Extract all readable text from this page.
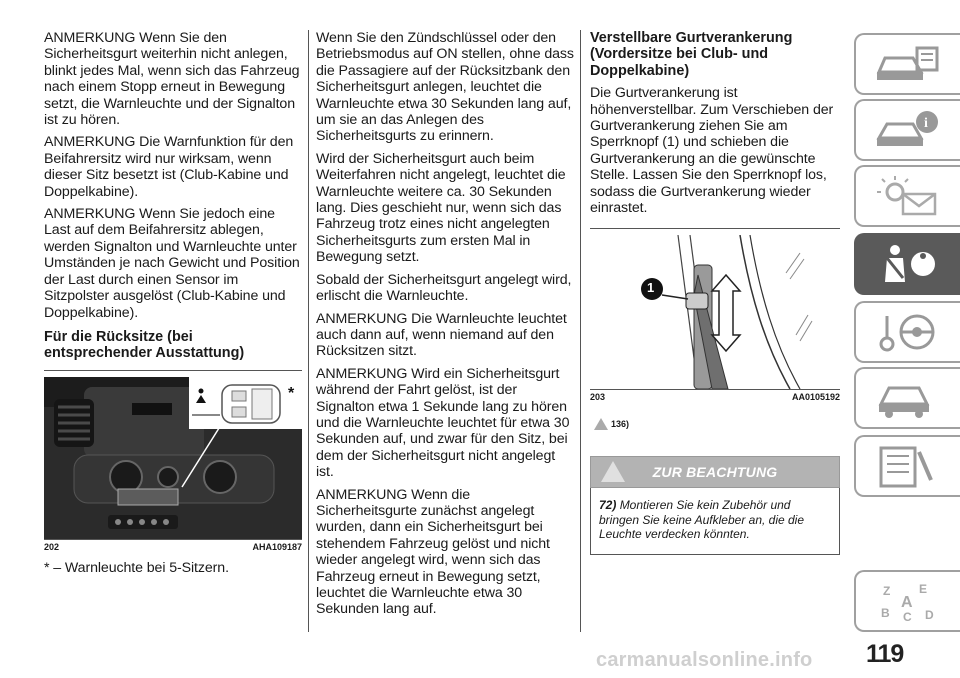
ANMERKUNG Wenn Sie den Sicherheitsgurt weiterhin nicht anlegen, blinkt jedes Mal, wenn sich das Fahrzeug nach einem Stopp erneut in Bewegung setzt, die Warnleuchte und der Signalton ist zu hören.

ANMERKUNG Die Warnfunktion für den Beifahrersitz wird nur wirksam, wenn dieser Sitz besetzt ist (Club-Kabine und Doppelkabine).

ANMERKUNG Wenn Sie jedoch eine Last auf dem Beifahrersitz ablegen, werden Signalton und Warnleuchte unter Umständen je nach Gewicht und Position der Last durch einen Sensor im Sitzpolster ausgelöst (Club-Kabine und Doppelkabine).

Für die Rücksitze (bei entsprechender Ausstattung)
*
202	AHA109187

* – Warnleuchte bei 5-Sitzern.

Wenn Sie den Zündschlüssel oder den Betriebsmodus auf ON stellen, ohne dass die Passagiere auf der Rücksitzbank den Sicherheitsgurt anlegen, leuchtet die Warnleuchte etwa 30 Sekunden lang auf, um sie an das Anlegen des Sicherheitsgurts zu erinnern.

Wird der Sicherheitsgurt auch beim Weiterfahren nicht angelegt, leuchtet die Warnleuchte weitere ca. 30 Sekunden lang. Dies geschieht nur, wenn sich das Fahrzeug trotz eines nicht angelegten Sicherheitsgurts zum ersten Mal in Bewegung setzt.

Sobald der Sicherheitsgurt angelegt wird, erlischt die Warnleuchte.

ANMERKUNG Die Warnleuchte leuchtet auch dann auf, wenn niemand auf den Rücksitzen sitzt.

ANMERKUNG Wird ein Sicherheitsgurt während der Fahrt gelöst, ist der Signalton etwa 1 Sekunde lang zu hören und die Warnleuchte leuchtet für etwa 30 Sekunden auf, und zwar für den Sitz, bei dem der Sicherheitsgurt nicht angelegt ist.

ANMERKUNG Wenn die Sicherheitsgurte zunächst angelegt wurden, dann ein Sicherheitsgurt bei stehendem Fahrzeug gelöst und nicht wieder angelegt wird, wenn sich das Fahrzeug erneut in Bewegung setzt, leuchtet die Warnleuchte etwa 30 Sekunden lang auf.

Verstellbare Gurtverankerung (Vordersitze bei Club- und Doppelkabine)

Die Gurtverankerung ist höhenverstellbar. Zum Verschieben der Gurtverankerung ziehen Sie am Sperrknopf (1) und schieben die Gurtverankerung an die gewünschte Stelle. Lassen Sie den Sperrknopf los, sodass die Gurtverankerung wieder einrastet.

1
203	AA0105192
136)
ZUR BEACHTUNG
72) Montieren Sie kein Zubehör und bringen Sie keine Aufkleber an, die die Leuchte verdecken könnten.
i
Z E
A
B C D
119
carmanualsonline.info
